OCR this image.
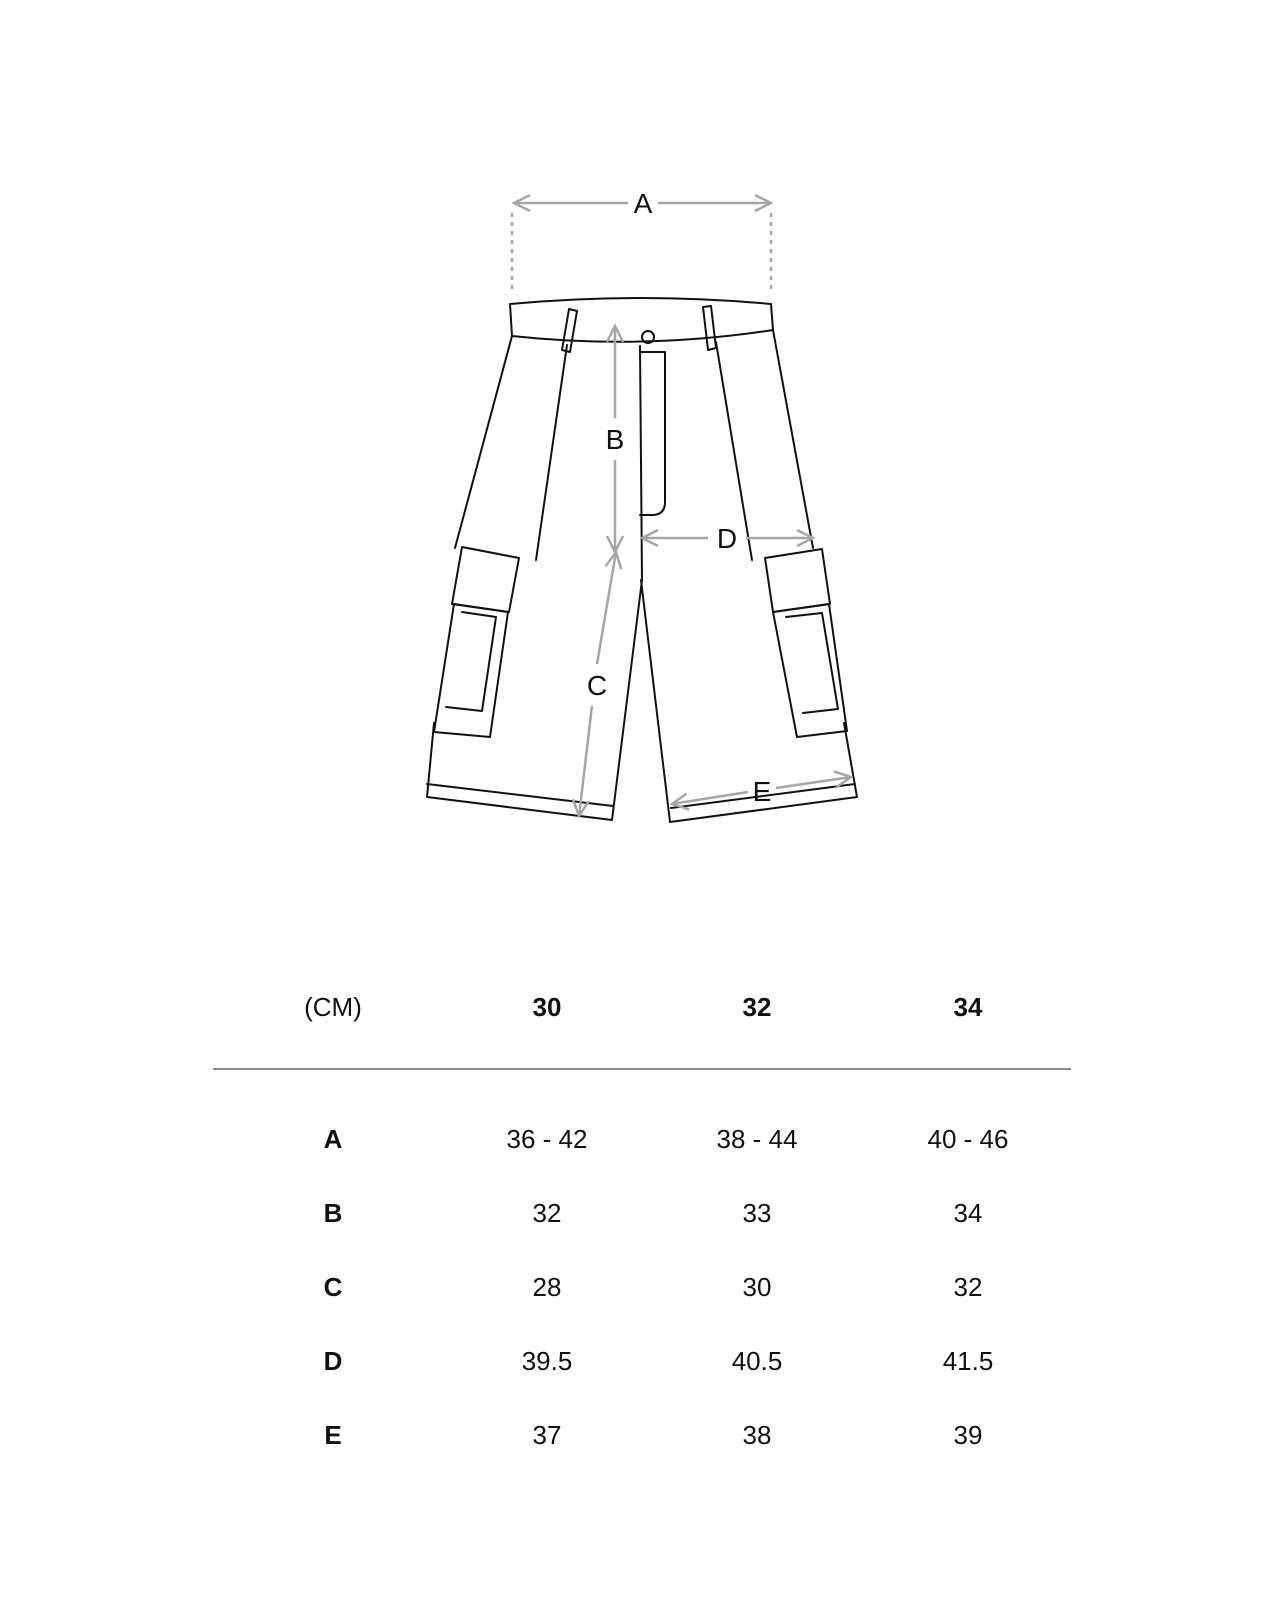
A
B
C
D
E
(CM)	30	32	34
A	36 - 42	38 - 44	40 - 46
B	32	33	34
C	28	30	32
D	39.5	40.5	41.5
E	37	38	39
